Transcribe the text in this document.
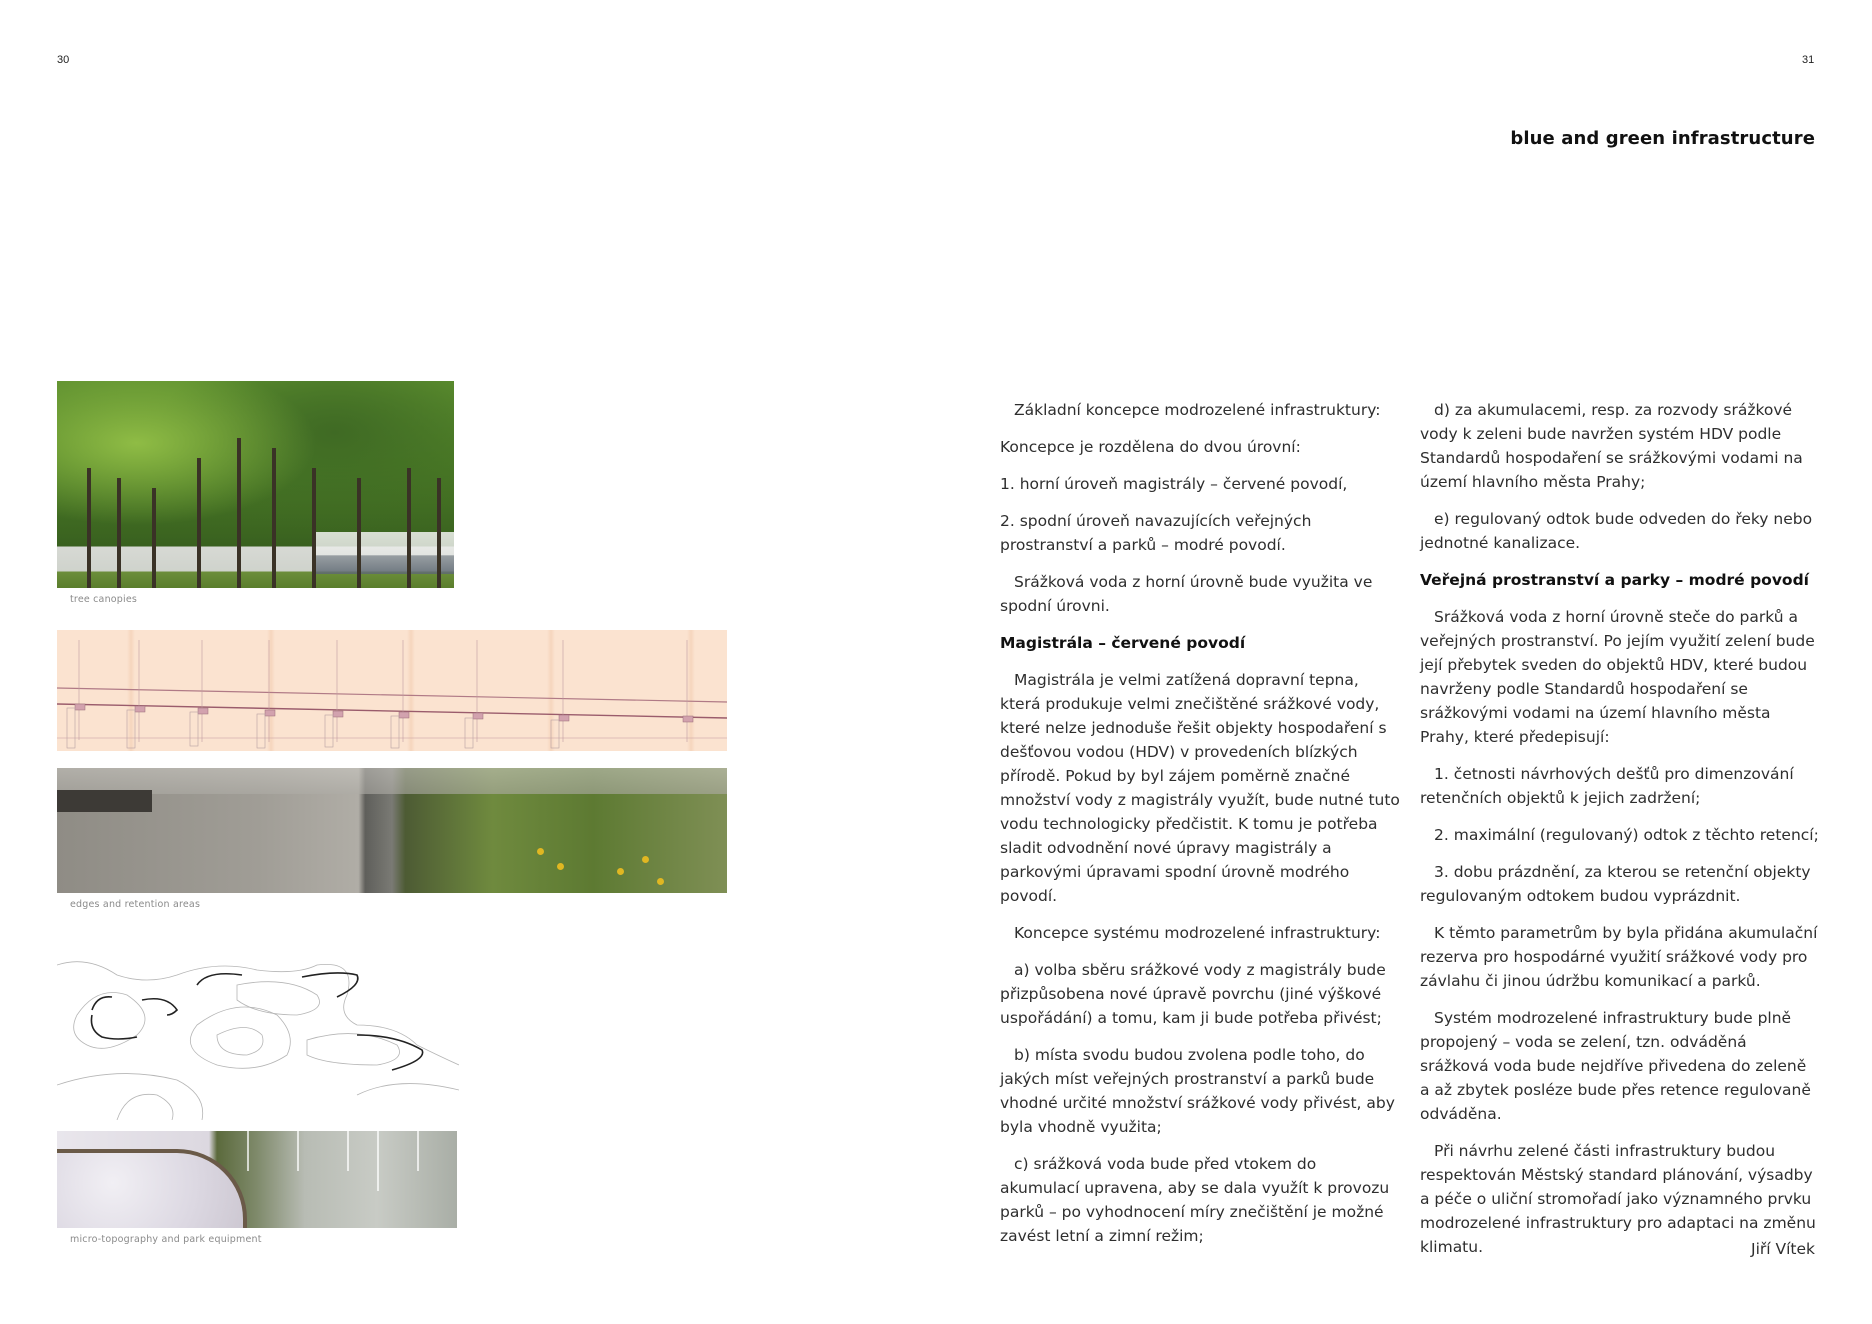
30	31
blue and green infrastructure
tree canopies
edges and retention areas
micro-topography and park equipment

Základní koncepce modrozelené infrastruktury:

Koncepce je rozdělena do dvou úrovní:

1. horní úroveň magistrály – červené povodí,

2. spodní úroveň navazujících veřejných prostranství a parků – modré povodí.

Srážková voda z horní úrovně bude využita ve spodní úrovni.

Magistrála – červené povodí

Magistrála je velmi zatížená dopravní tepna, která produkuje velmi znečištěné srážkové vody, které nelze jednoduše řešit objekty hospodaření s dešťovou vodou (HDV) v provedeních blízkých přírodě. Pokud by byl zájem poměrně značné množství vody z magistrály využít, bude nutné tuto vodu technologicky předčistit. K tomu je potřeba sladit odvodnění nové úpravy magistrály a parkovými úpravami spodní úrovně modrého povodí.

Koncepce systému modrozelené infrastruktury:

a) volba sběru srážkové vody z magistrály bude přizpůsobena nové úpravě povrchu (jiné výškové uspořádání) a tomu, kam ji bude potřeba přivést;

b) místa svodu budou zvolena podle toho, do jakých míst veřejných prostranství a parků bude vhodné určité množství srážkové vody přivést, aby byla vhodně využita;

c) srážková voda bude před vtokem do akumulací upravena, aby se dala využít k provozu parků – po vyhodnocení míry znečištění je možné zavést letní a zimní režim;

d) za akumulacemi, resp. za rozvody srážkové vody k zeleni bude navržen systém HDV podle Standardů hospodaření se srážkovými vodami na území hlavního města Prahy;

e) regulovaný odtok bude odveden do řeky nebo jednotné kanalizace.

Veřejná prostranství a parky – modré povodí

Srážková voda z horní úrovně steče do parků a veřejných prostranství. Po jejím využití zelení bude její přebytek sveden do objektů HDV, které budou navrženy podle Standardů hospodaření se srážkovými vodami na území hlavního města Prahy, které předepisují:

1. četnosti návrhových dešťů pro dimenzování retenčních objektů k jejich zadržení;

2. maximální (regulovaný) odtok z těchto retencí;

3. dobu prázdnění, za kterou se retenční objekty regulovaným odtokem budou vyprázdnit.

K těmto parametrům by byla přidána akumulační rezerva pro hospodárné využití srážkové vody pro závlahu či jinou údržbu komunikací a parků.

Systém modrozelené infrastruktury bude plně propojený – voda se zelení, tzn. odváděná srážková voda bude nejdříve přivedena do zeleně a až zbytek posléze bude přes retence regulovaně odváděna.

Při návrhu zelené části infrastruktury budou respektován Městský standard plánování, výsadby a péče o uliční stromořadí jako významného prvku modrozelené infrastruktury pro adaptaci na změnu klimatu.	Jiří Vítek
